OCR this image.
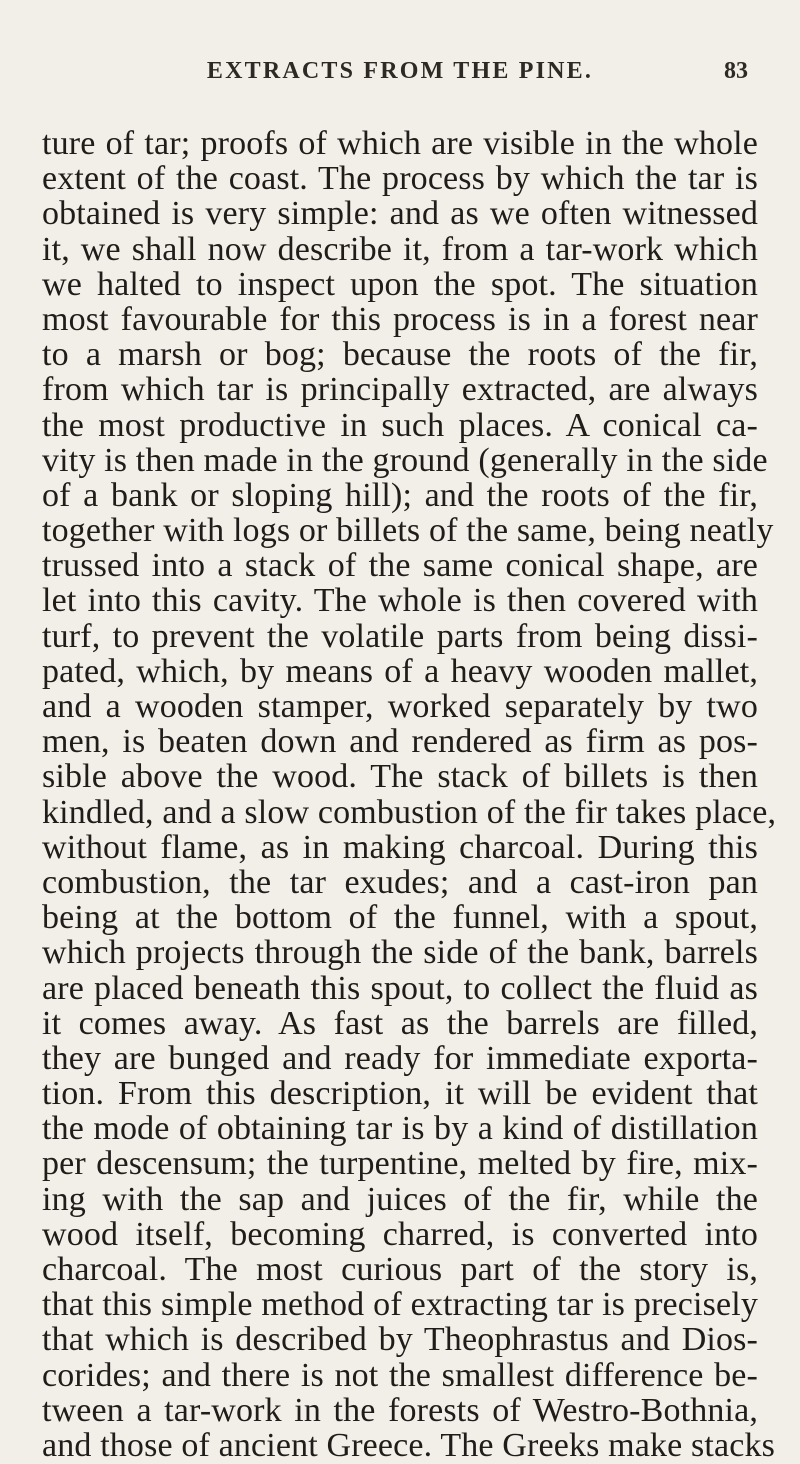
EXTRACTS FROM THE PINE.	83
ture of tar; proofs of which are visible in the whole
extent of the coast. The process by which the tar is
obtained is very simple: and as we often witnessed
it, we shall now describe it, from a tar-work which
we halted to inspect upon the spot. The situation
most favourable for this process is in a forest near
to a marsh or bog; because the roots of the fir,
from which tar is principally extracted, are always
the most productive in such places. A conical ca-
vity is then made in the ground (generally in the side
of a bank or sloping hill); and the roots of the fir,
together with logs or billets of the same, being neatly
trussed into a stack of the same conical shape, are
let into this cavity. The whole is then covered with
turf, to prevent the volatile parts from being dissi-
pated, which, by means of a heavy wooden mallet,
and a wooden stamper, worked separately by two
men, is beaten down and rendered as firm as pos-
sible above the wood. The stack of billets is then
kindled, and a slow combustion of the fir takes place,
without flame, as in making charcoal. During this
combustion, the tar exudes; and a cast-iron pan
being at the bottom of the funnel, with a spout,
which projects through the side of the bank, barrels
are placed beneath this spout, to collect the fluid as
it comes away. As fast as the barrels are filled,
they are bunged and ready for immediate exporta-
tion. From this description, it will be evident that
the mode of obtaining tar is by a kind of distillation
per descensum; the turpentine, melted by fire, mix-
ing with the sap and juices of the fir, while the
wood itself, becoming charred, is converted into
charcoal. The most curious part of the story is,
that this simple method of extracting tar is precisely
that which is described by Theophrastus and Dios-
corides; and there is not the smallest difference be-
tween a tar-work in the forests of Westro-Bothnia,
and those of ancient Greece. The Greeks make stacks
